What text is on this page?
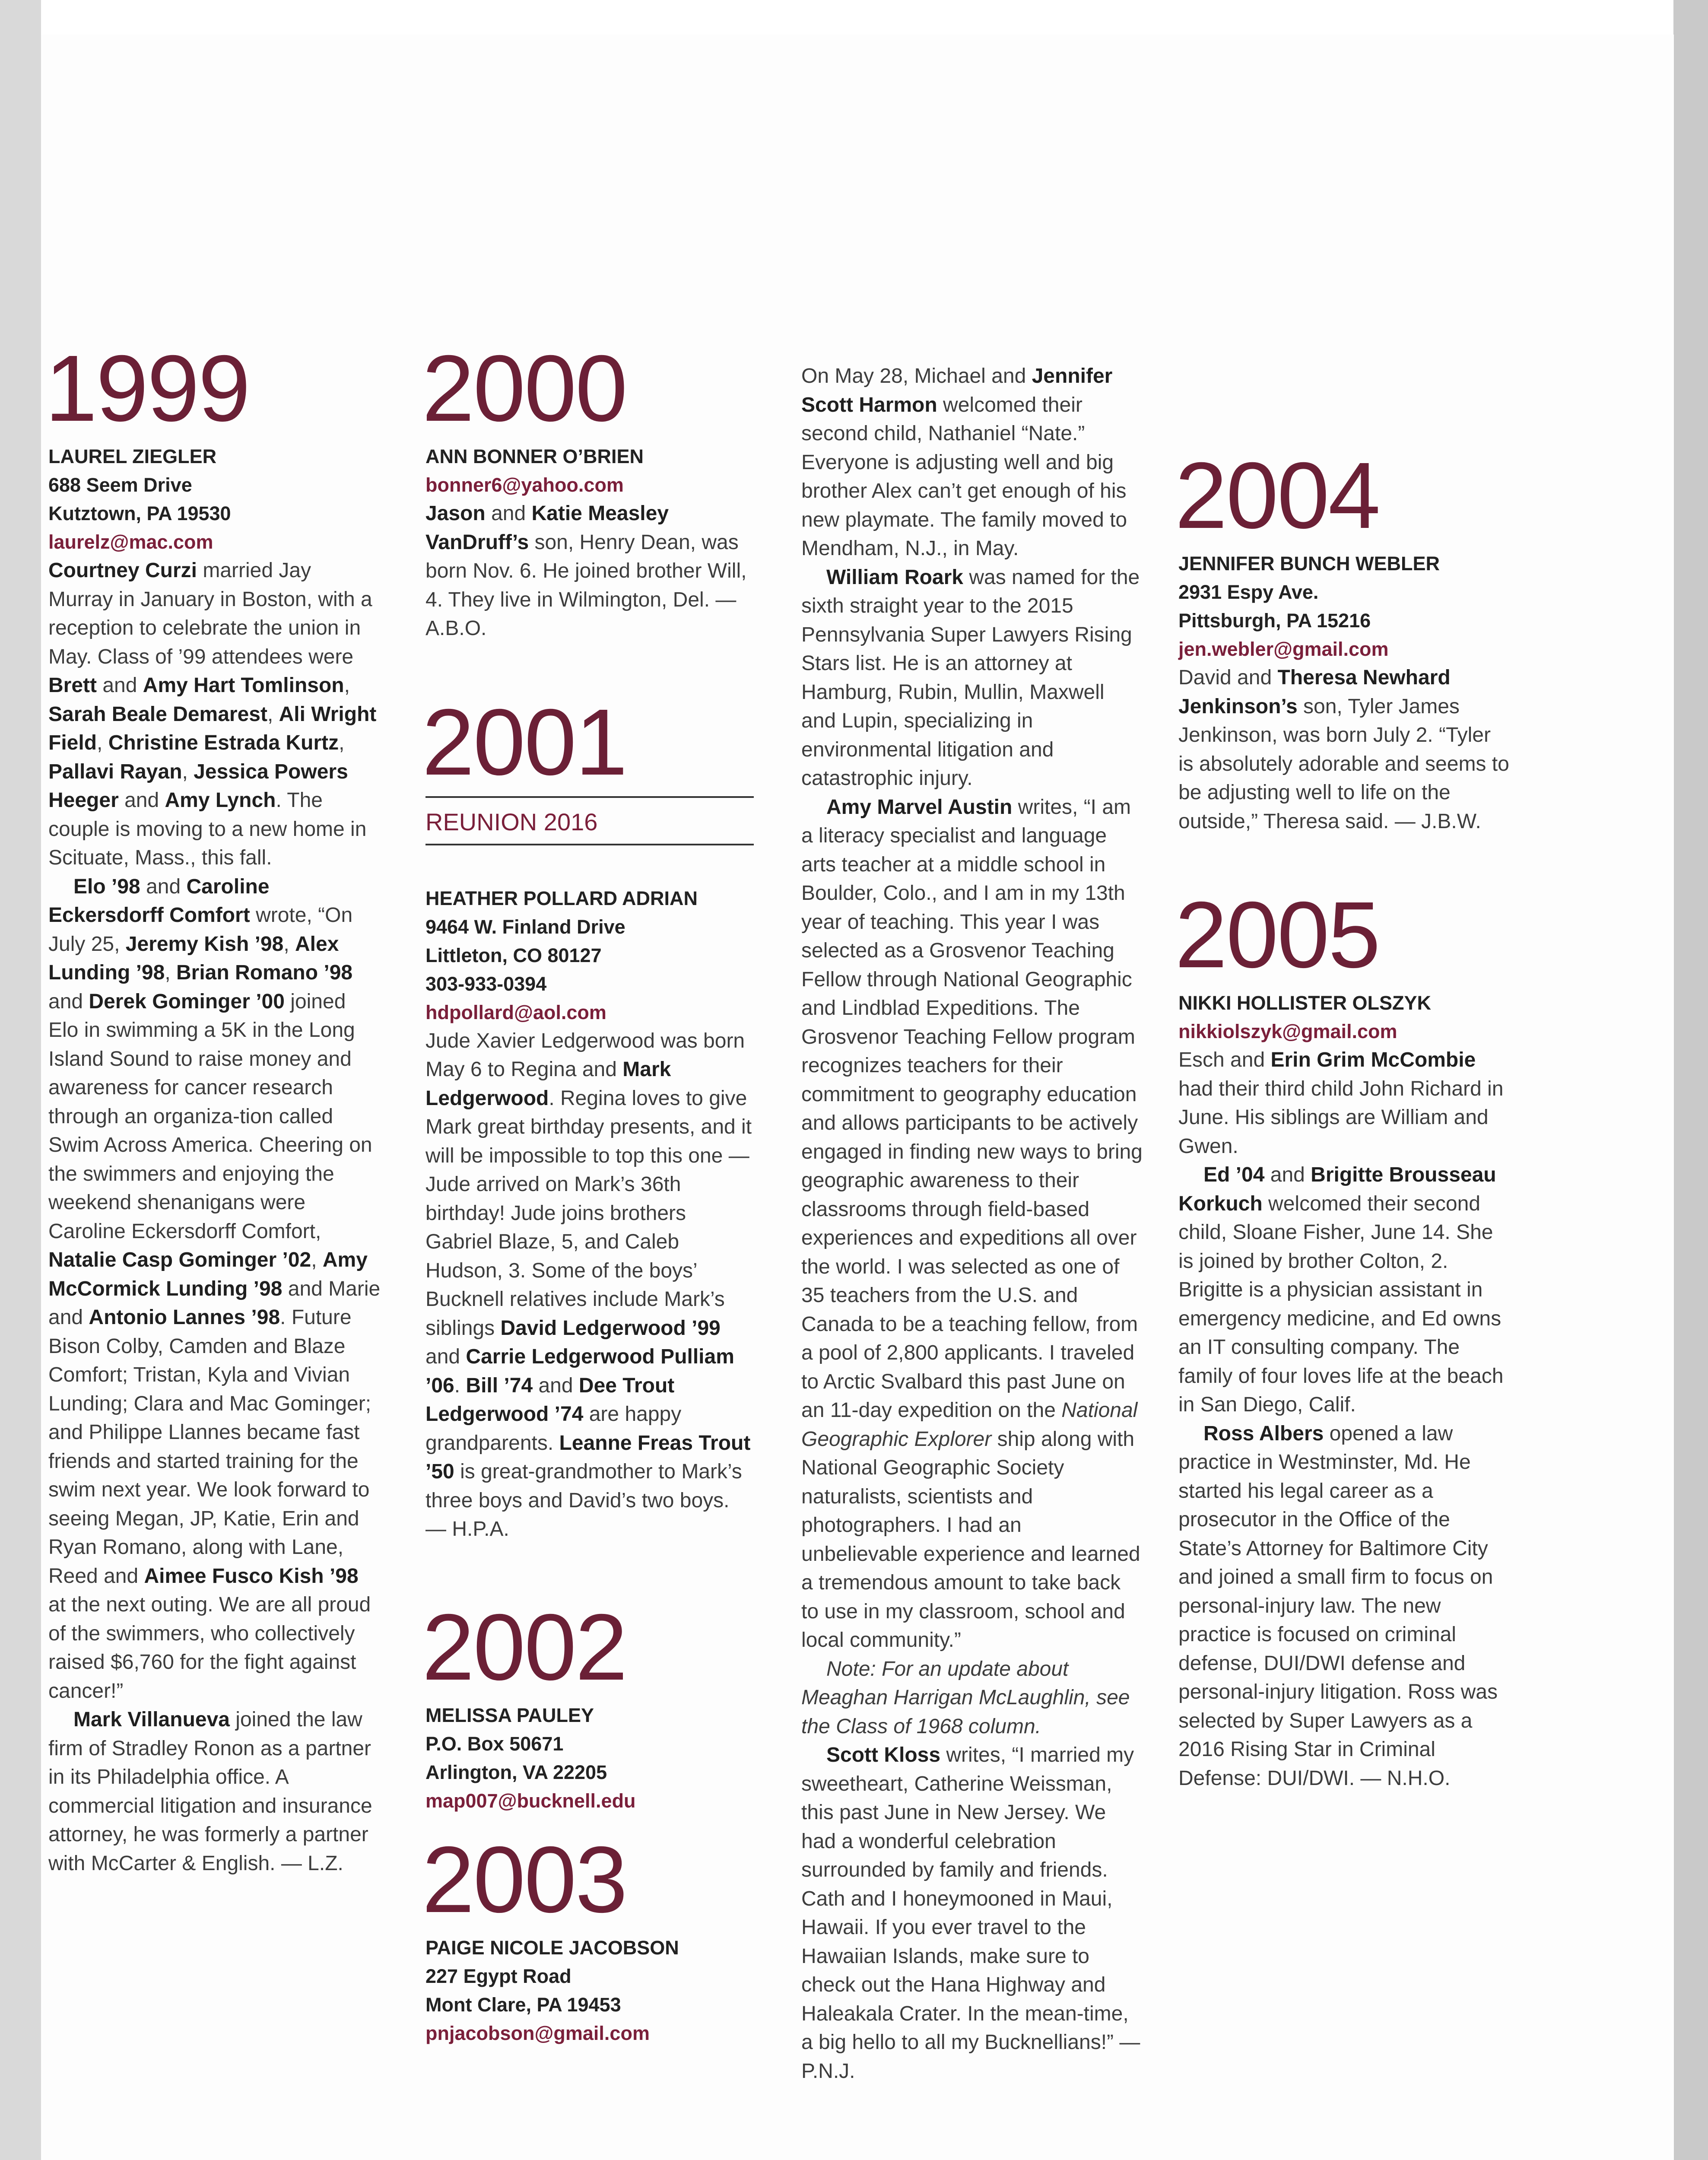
1999

LAUREL ZIEGLER

688 Seem Drive

Kutztown, PA 19530

laurelz@mac.com

Courtney Curzi married Jay Murray in January in Boston, with a reception to celebrate the union in May. Class of ’99 attendees were Brett and Amy Hart Tomlinson, Sarah Beale Demarest, Ali Wright Field, Christine Estrada Kurtz, Pallavi Rayan, Jessica Powers Heeger and Amy Lynch. The couple is moving to a new home in Scituate, Mass., this fall.

Elo ’98 and Caroline Eckersdorff Comfort wrote, “On July 25, Jeremy Kish ’98, Alex Lunding ’98, Brian Romano ’98 and Derek Gominger ’00 joined Elo in swimming a 5K in the Long Island Sound to raise money and awareness for cancer research through an organiza-tion called Swim Across America. Cheering on the swimmers and enjoying the weekend shenanigans were Caroline Eckersdorff Comfort, Natalie Casp Gominger ’02, Amy McCormick Lunding ’98 and Marie and Antonio Lannes ’98. Future Bison Colby, Camden and Blaze Comfort; Tristan, Kyla and Vivian Lunding; Clara and Mac Gominger; and Philippe Llannes became fast friends and started training for the swim next year. We look forward to seeing Megan, JP, Katie, Erin and Ryan Romano, along with Lane, Reed and Aimee Fusco Kish ’98 at the next outing. We are all proud of the swimmers, who collectively raised $6,760 for the fight against cancer!”

Mark Villanueva joined the law firm of Stradley Ronon as a partner in its Philadelphia office. A commercial litigation and insurance attorney, he was formerly a partner with McCarter & English. — L.Z.

2000

ANN BONNER O’BRIEN

bonner6@yahoo.com

Jason and Katie Measley VanDruff’s son, Henry Dean, was born Nov. 6. He joined brother Will, 4. They live in Wilmington, Del. — A.B.O.

2001
REUNION 2016

HEATHER POLLARD ADRIAN

9464 W. Finland Drive

Littleton, CO 80127

303-933-0394

hdpollard@aol.com

Jude Xavier Ledgerwood was born May 6 to Regina and Mark Ledgerwood. Regina loves to give Mark great birthday presents, and it will be impossible to top this one — Jude arrived on Mark’s 36th birthday! Jude joins brothers Gabriel Blaze, 5, and Caleb Hudson, 3. Some of the boys’ Bucknell relatives include Mark’s siblings David Ledgerwood ’99 and Carrie Ledgerwood Pulliam ’06. Bill ’74 and Dee Trout Ledgerwood ’74 are happy grandparents. Leanne Freas Trout ’50 is great-grandmother to Mark’s three boys and David’s two boys. — H.P.A.

2002

MELISSA PAULEY

P.O. Box 50671

Arlington, VA 22205

map007@bucknell.edu

2003

PAIGE NICOLE JACOBSON

227 Egypt Road

Mont Clare, PA 19453

pnjacobson@gmail.com

On May 28, Michael and Jennifer Scott Harmon welcomed their second child, Nathaniel “Nate.” Everyone is adjusting well and big brother Alex can’t get enough of his new playmate. The family moved to Mendham, N.J., in May.

William Roark was named for the sixth straight year to the 2015 Pennsylvania Super Lawyers Rising Stars list. He is an attorney at Hamburg, Rubin, Mullin, Maxwell and Lupin, specializing in environmental litigation and catastrophic injury.

Amy Marvel Austin writes, “I am a literacy specialist and language arts teacher at a middle school in Boulder, Colo., and I am in my 13th year of teaching. This year I was selected as a Grosvenor Teaching Fellow through National Geographic and Lindblad Expeditions. The Grosvenor Teaching Fellow program recognizes teachers for their commitment to geography education and allows participants to be actively engaged in finding new ways to bring geographic awareness to their classrooms through field-based experiences and expeditions all over the world. I was selected as one of 35 teachers from the U.S. and Canada to be a teaching fellow, from a pool of 2,800 applicants. I traveled to Arctic Svalbard this past June on an 11-day expedition on the National Geographic Explorer ship along with National Geographic Society naturalists, scientists and photographers. I had an unbelievable experience and learned a tremendous amount to take back to use in my classroom, school and local community.”

Note: For an update about Meaghan Harrigan McLaughlin, see the Class of 1968 column.

Scott Kloss writes, “I married my sweetheart, Catherine Weissman, this past June in New Jersey. We had a wonderful celebration surrounded by family and friends. Cath and I honeymooned in Maui, Hawaii. If you ever travel to the Hawaiian Islands, make sure to check out the Hana Highway and Haleakala Crater. In the mean-time, a big hello to all my Bucknellians!” — P.N.J.

2004

JENNIFER BUNCH WEBLER

2931 Espy Ave.

Pittsburgh, PA 15216

jen.webler@gmail.com

David and Theresa Newhard Jenkinson’s son, Tyler James Jenkinson, was born July 2. “Tyler is absolutely adorable and seems to be adjusting well to life on the outside,” Theresa said. — J.B.W.

2005

NIKKI HOLLISTER OLSZYK

nikkiolszyk@gmail.com

Esch and Erin Grim McCombie had their third child John Richard in June. His siblings are William and Gwen.

Ed ’04 and Brigitte Brousseau Korkuch welcomed their second child, Sloane Fisher, June 14. She is joined by brother Colton, 2. Brigitte is a physician assistant in emergency medicine, and Ed owns an IT consulting company. The family of four loves life at the beach in San Diego, Calif.

Ross Albers opened a law practice in Westminster, Md. He started his legal career as a prosecutor in the Office of the State’s Attorney for Baltimore City and joined a small firm to focus on personal-injury law. The new practice is focused on criminal defense, DUI/DWI defense and personal-injury litigation. Ross was selected by Super Lawyers as a 2016 Rising Star in Criminal Defense: DUI/DWI. — N.H.O.
